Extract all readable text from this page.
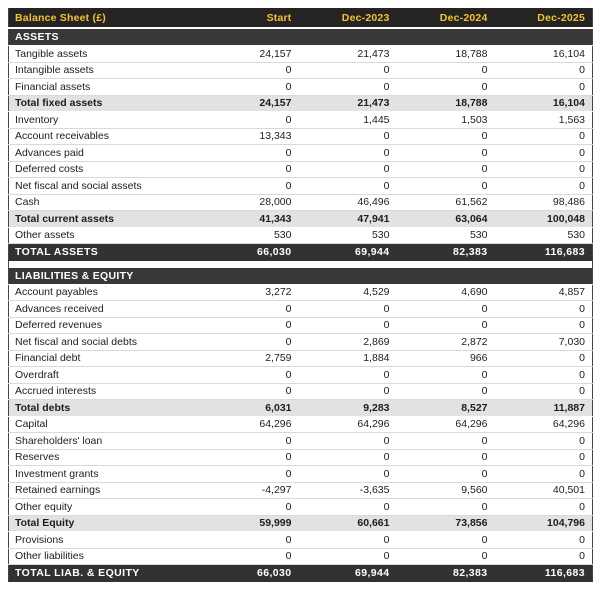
Balance Sheet (£)	Start	Dec-2023	Dec-2024	Dec-2025
ASSETS				
Tangible assets	24,157	21,473	18,788	16,104
Intangible assets	0	0	0	0
Financial assets	0	0	0	0
Total fixed assets	24,157	21,473	18,788	16,104
Inventory	0	1,445	1,503	1,563
Account receivables	13,343	0	0	0
Advances paid	0	0	0	0
Deferred costs	0	0	0	0
Net fiscal and social assets	0	0	0	0
Cash	28,000	46,496	61,562	98,486
Total current assets	41,343	47,941	63,064	100,048
Other assets	530	530	530	530
TOTAL ASSETS	66,030	69,944	82,383	116,683

LIABILITIES & EQUITY				
Account payables	3,272	4,529	4,690	4,857
Advances received	0	0	0	0
Deferred revenues	0	0	0	0
Net fiscal and social debts	0	2,869	2,872	7,030
Financial debt	2,759	1,884	966	0
Overdraft	0	0	0	0
Accrued interests	0	0	0	0
Total debts	6,031	9,283	8,527	11,887
Capital	64,296	64,296	64,296	64,296
Shareholders' loan	0	0	0	0
Reserves	0	0	0	0
Investment grants	0	0	0	0
Retained earnings	-4,297	-3,635	9,560	40,501
Other equity	0	0	0	0
Total Equity	59,999	60,661	73,856	104,796
Provisions	0	0	0	0
Other liabilities	0	0	0	0
TOTAL LIAB. & EQUITY	66,030	69,944	82,383	116,683
